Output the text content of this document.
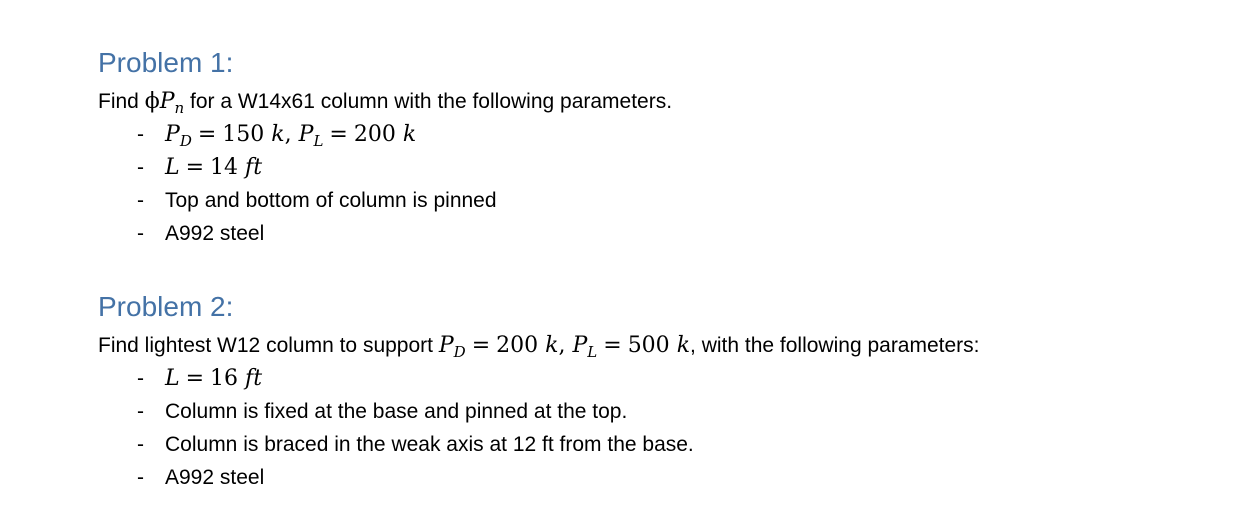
Problem 1:
Find $\phi P_n$ for a W14x61 column with the following parameters.
- $P_D = 150$ k, $P_L = 200$ k
- L = 14 ft
- Top and bottom of column is pinned
- A992 steel
Problem 2:
Find lightest W12 column to support $P_D = 200$ k, $P_L = 500$ k, with the following parameters:
- L = 16 ft
- Column is fixed at the base and pinned at the top.
- Column is braced in the weak axis at 12 ft from the base.
- A992 steel
